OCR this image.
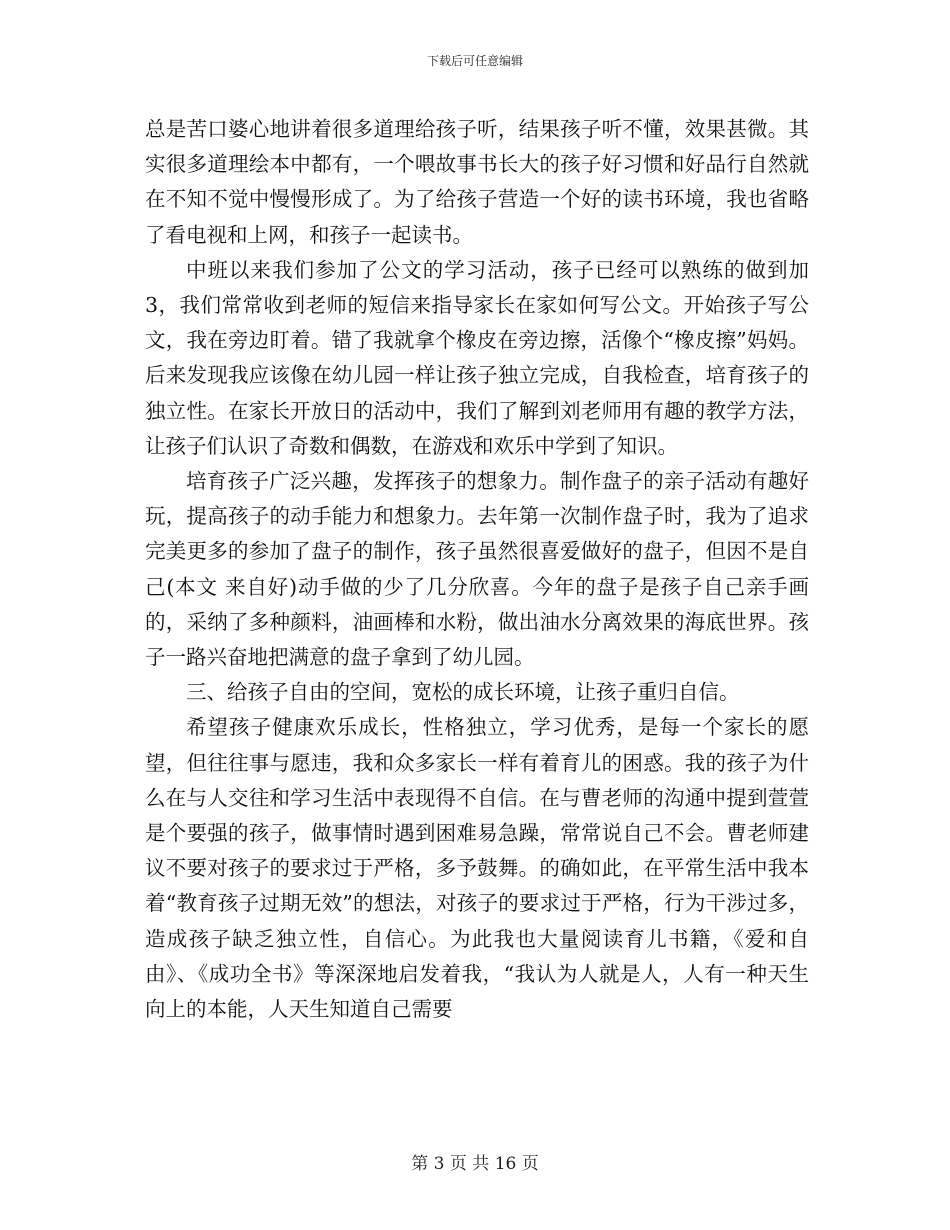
下载后可任意编辑

总是苦口婆心地讲着很多道理给孩子听，结果孩子听不懂，效果甚微。其实很多道理绘本中都有，一个喂故事书长大的孩子好习惯和好品行自然就在不知不觉中慢慢形成了。为了给孩子营造一个好的读书环境，我也省略了看电视和上网，和孩子一起读书。

中班以来我们参加了公文的学习活动，孩子已经可以熟练的做到加3，我们常常收到老师的短信来指导家长在家如何写公文。开始孩子写公文，我在旁边盯着。错了我就拿个橡皮在旁边擦，活像个“橡皮擦”妈妈。后来发现我应该像在幼儿园一样让孩子独立完成，自我检查，培育孩子的独立性。在家长开放日的活动中，我们了解到刘老师用有趣的教学方法，让孩子们认识了奇数和偶数，在游戏和欢乐中学到了知识。

培育孩子广泛兴趣，发挥孩子的想象力。制作盘子的亲子活动有趣好玩，提高孩子的动手能力和想象力。去年第一次制作盘子时，我为了追求完美更多的参加了盘子的制作，孩子虽然很喜爱做好的盘子，但因不是自己(本文 来自好)动手做的少了几分欣喜。今年的盘子是孩子自己亲手画的，采纳了多种颜料，油画棒和水粉，做出油水分离效果的海底世界。孩子一路兴奋地把满意的盘子拿到了幼儿园。

三、给孩子自由的空间，宽松的成长环境，让孩子重归自信。

希望孩子健康欢乐成长，性格独立，学习优秀，是每一个家长的愿望，但往往事与愿违，我和众多家长一样有着育儿的困惑。我的孩子为什么在与人交往和学习生活中表现得不自信。在与曹老师的沟通中提到萱萱是个要强的孩子，做事情时遇到困难易急躁，常常说自己不会。曹老师建议不要对孩子的要求过于严格，多予鼓舞。的确如此，在平常生活中我本着“教育孩子过期无效”的想法，对孩子的要求过于严格，行为干涉过多，造成孩子缺乏独立性，自信心。为此我也大量阅读育儿书籍，《爱和自由》、《成功全书》等深深地启发着我，“我认为人就是人，人有一种天生向上的本能，人天生知道自己需要

第 3 页 共 16 页
